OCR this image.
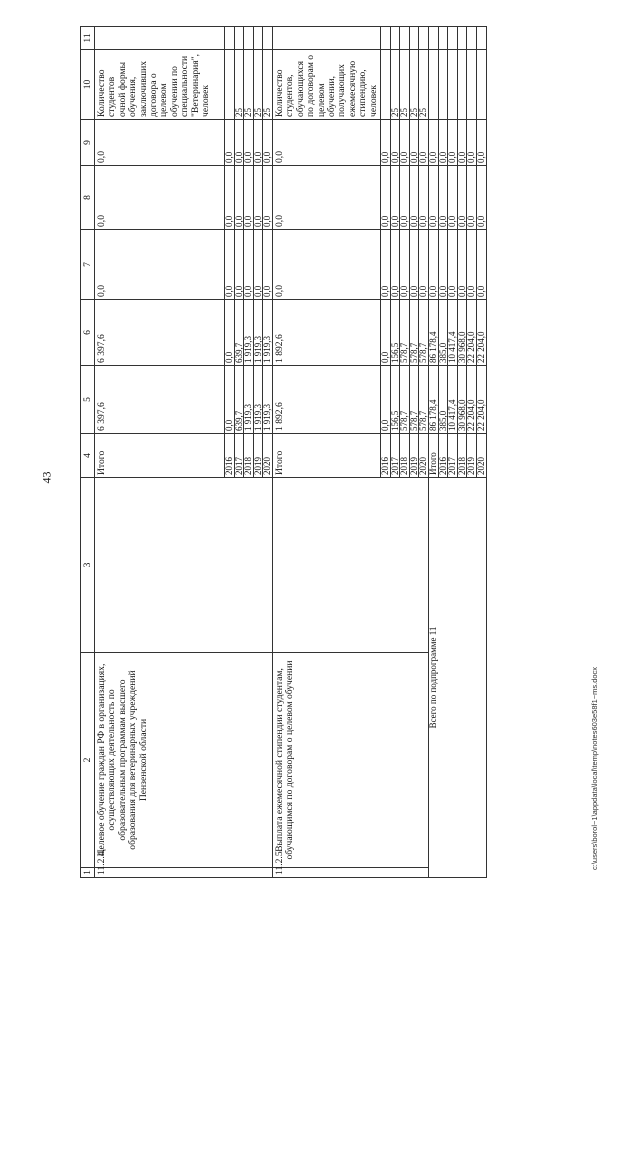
43
1	2	3	4	5	6	7	8	9	10	11
11.2.4.	Целевое обучение граждан РФ в организациях, осуществляющих деятельность по образовательным программам высшего образования для ветеринарных учреждений Пензенской области		Итого	6 397,6	6 397,6	0,0	0,0	0,0	Количество студентов очной формы обучения, заключивших договора о целевом обучении по специальности "Ветеринария", человек	
			2016	0,0	0,0	0,0	0,0	0,0		
			2017	639,7	639,7	0,0	0,0	0,0	25	
			2018	1 919,3	1 919,3	0,0	0,0	0,0	25	
			2019	1 919,3	1 919,3	0,0	0,0	0,0	25	
			2020	1 919,3	1 919,3	0,0	0,0	0,0	25	
11.2.5.	Выплата ежемесячной стипендии студентам, обучающимся по договорам о целевом обучении		Итого	1 892,6	1 892,6	0,0	0,0	0,0	Количество студентов, обучающихся по договорам о целевом обучении, получающих ежемесячную стипендию, человек	
			2016	0,0	0,0	0,0	0,0	0,0		
			2017	156,5	156,5	0,0	0,0	0,0	25	
			2018	578,7	578,7	0,0	0,0	0,0	25	
			2019	578,7	578,7	0,0	0,0	0,0	25	
			2020	578,7	578,7	0,0	0,0	0,0	25	
Всего по подпрограмме 11			Итого	86 178,4	86 178,4	0,0	0,0	0,0		
			2016	385,0	385,0	0,0	0,0	0,0		
			2017	10 417,4	10 417,4	0,0	0,0	0,0		
			2018	30 968,0	30 968,0	0,0	0,0	0,0		
			2019	22 204,0	22 204,0	0,0	0,0	0,0		
			2020	22 204,0	22 204,0	0,0	0,0	0,0		
c:\users\borol~1\appdata\local\temp\notes603e58f1~ms.docx
